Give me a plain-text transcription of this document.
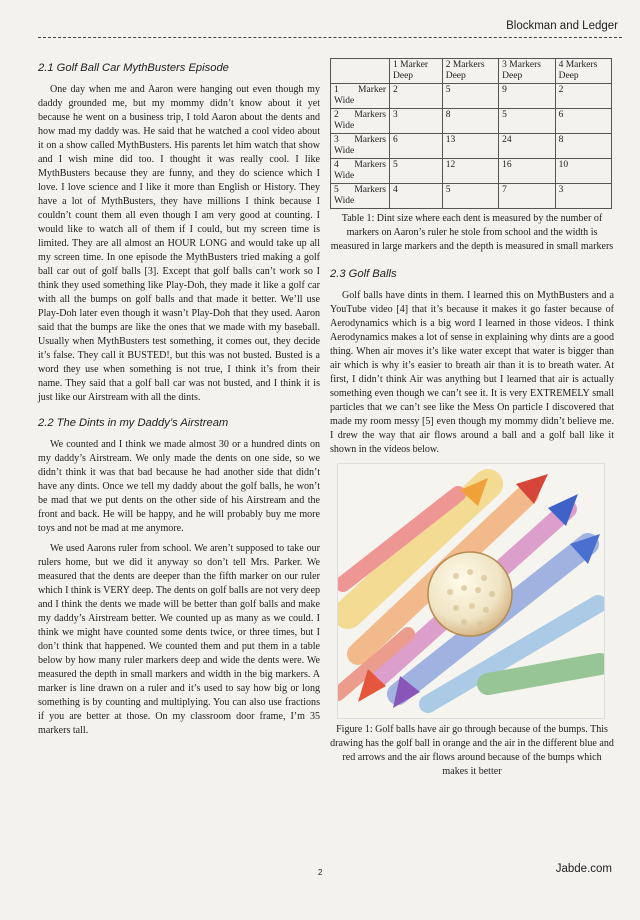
Blockman and Ledger
2.1 Golf Ball Car MythBusters Episode

One day when me and Aaron were hanging out even though my daddy grounded me, but my mommy didn’t know about it yet because he went on a business trip, I told Aaron about the dents and how mad my daddy was. He said that he watched a cool video about it on a show called MythBusters. His parents let him watch that show and I wish mine did too. I thought it was really cool. I like MythBusters because they are funny, and they do science which I love. I love science and I like it more than English or History. They have a lot of MythBusters, they have millions I think because I couldn’t count them all even though I am very good at counting. I would like to watch all of them if I could, but my screen time is limited. They are all almost an HOUR LONG and would take up all my screen time. In one episode the MythBusters tried making a golf ball car out of golf balls [3]. Except that golf balls can’t work so I think they used something like Play-Doh, they made it like a golf car with all the bumps on golf balls and that made it better. We’ll use Play-Doh later even though it wasn’t Play-Doh that they used. Aaron said that the bumps are like the ones that we made with my baseball. Usually when MythBusters test something, it comes out, they decide it’s false. They call it BUSTED!, but this was not busted. Busted is a word they use when something is not true, I think it’s from their name. They said that a golf ball car was not busted, and I think it is just like our Airstream with all the dints.

2.2 The Dints in my Daddy’s Airstream

We counted and I think we made almost 30 or a hundred dints on my daddy’s Airstream. We only made the dents on one side, so we didn’t think it was that bad because he had another side that didn’t have any dints. Once we tell my daddy about the golf balls, he won’t be mad that we put dents on the other side of his Airstream and the front and back. He will be happy, and he will probably buy me more toys and not be mad at me anymore.

We used Aarons ruler from school. We aren’t supposed to take our rulers home, but we did it anyway so don’t tell Mrs. Parker. We measured that the dents are deeper than the fifth marker on our ruler which I think is VERY deep. The dents on golf balls are not very deep and I think the dents we made will be better than golf balls and make my daddy’s Airstream better. We counted up as many as we could. I think we might have counted some dents twice, or three times, but I don’t think that happened. We counted them and put them in a table below by how many ruler markers deep and wide the dents were. We measured the depth in small markers and width in the big markers. A marker is line drawn on a ruler and it’s used to say how big or long something is by counting and multiplying. You can also use fractions if you are better at those. On my classroom door frame, I’m 35 markers tall.

	1 Marker Deep	2 Markers Deep	3 Markers Deep	4 Markers Deep
1 Marker Wide	2	5	9	2
2 Markers Wide	3	8	5	6
3 Markers Wide	6	13	24	8
4 Markers Wide	5	12	16	10
5 Markers Wide	4	5	7	3
Table 1: Dint size where each dent is measured by the number of markers on Aaron’s ruler he stole from school and the width is measured in large markers and the depth is measured in small markers
2.3 Golf Balls

Golf balls have dints in them. I learned this on MythBusters and a YouTube video [4] that it’s because it makes it go faster because of Aerodynamics which is a big word I learned in those videos. I think Aerodynamics makes a lot of sense in explaining why dints are a good thing. When air moves it’s like water except that water is bigger than air which is why it’s easier to breath air than it is to breath water. At first, I didn’t think Air was anything but I learned that air is actually something even though we can’t see it. It is very EXTREMELY small particles that we can’t see like the Mess On particle I discovered that made my room messy [5] even though my mommy didn’t believe me. I drew the way that air flows around a ball and a golf ball like it shown in the videos below.

Figure 1: Golf balls have air go through because of the bumps. This drawing has the golf ball in orange and the air in the different blue and red arrows and the air flows around because of the bumps which makes it better
2	Jabde.com
